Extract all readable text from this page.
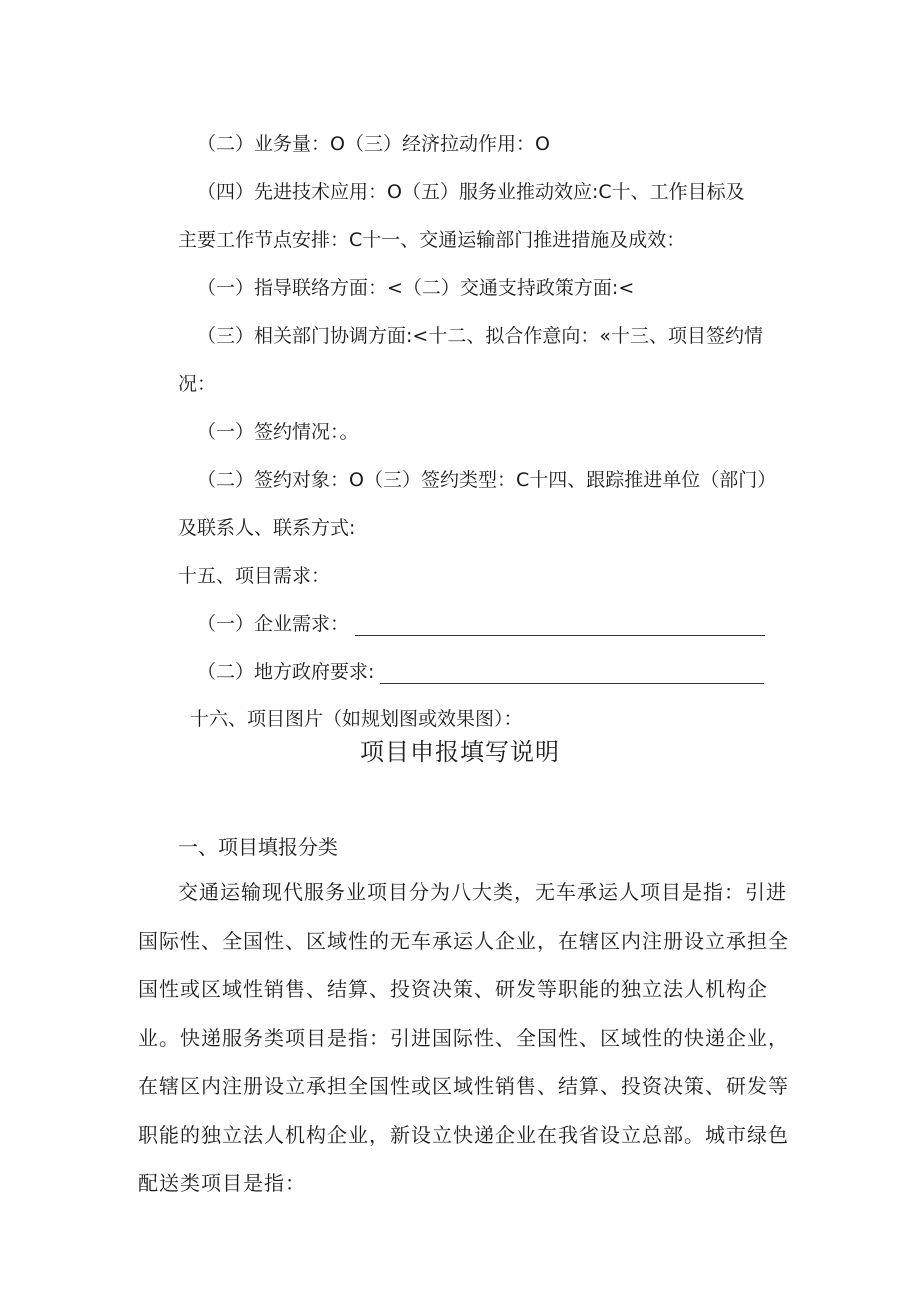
（二）业务量：O（三）经济拉动作用：O
（四）先进技术应用：O（五）服务业推动效应:C十、工作目标及
主要工作节点安排：C十一、交通运输部门推进措施及成效：
（一）指导联络方面：<（二）交通支持政策方面:<
（三）相关部门协调方面:<十二、拟合作意向：«十三、项目签约情
况：
（一）签约情况：。
（二）签约对象：O（三）签约类型：C十四、跟踪推进单位（部门）
及联系人、联系方式:
十五、项目需求：
（一）企业需求：
（二）地方政府要求:
十六、项目图片（如规划图或效果图）：
项目申报填写说明
一、项目填报分类

交通运输现代服务业项目分为八大类，无车承运人项目是指：引进国际性、全国性、区域性的无车承运人企业，在辖区内注册设立承担全国性或区域性销售、结算、投资决策、研发等职能的独立法人机构企业。快递服务类项目是指：引进国际性、全国性、区域性的快递企业，在辖区内注册设立承担全国性或区域性销售、结算、投资决策、研发等职能的独立法人机构企业，新设立快递企业在我省设立总部。城市绿色配送类项目是指：
